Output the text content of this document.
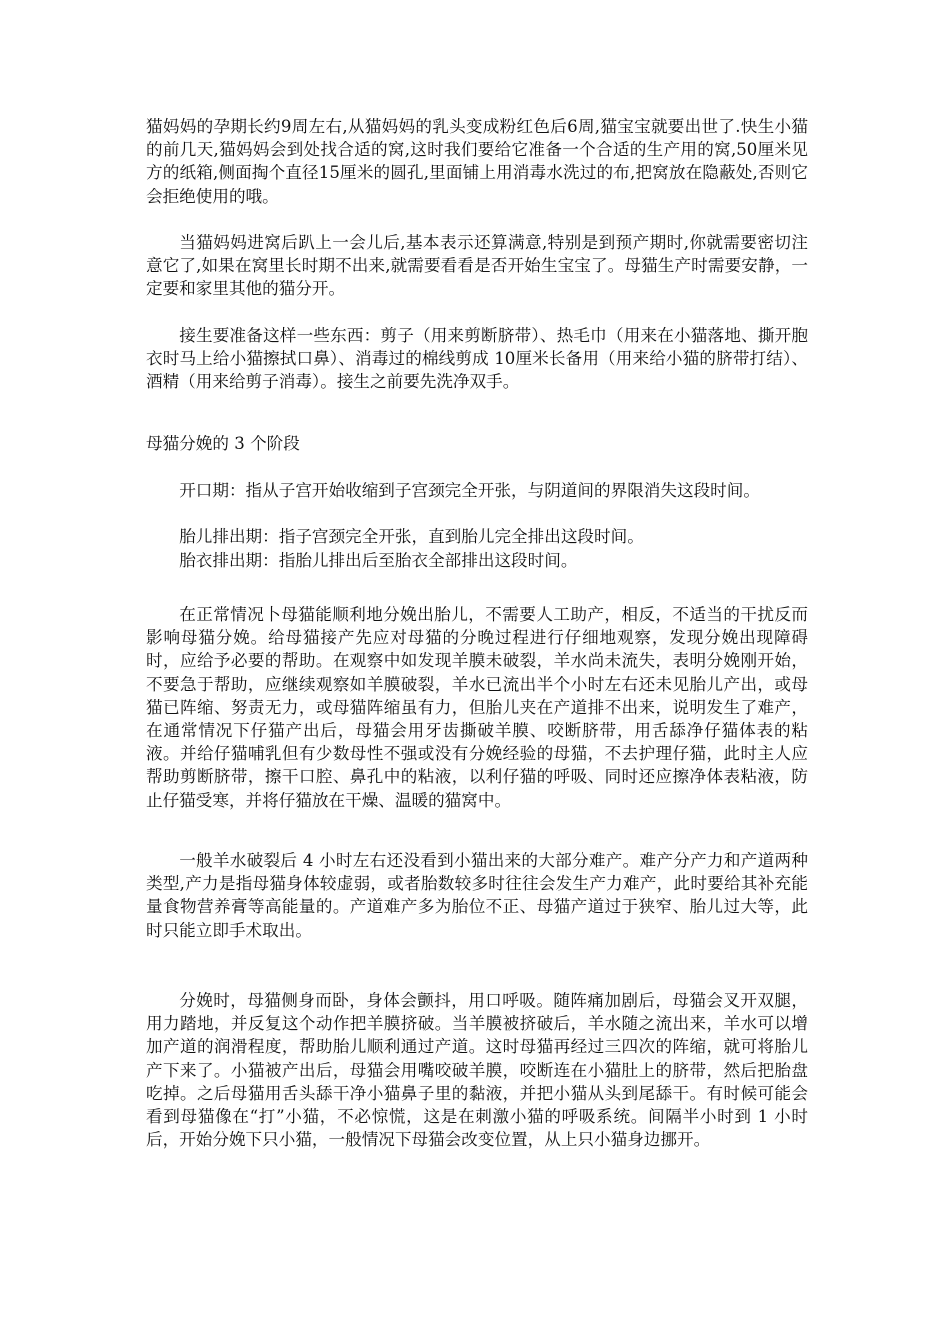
猫妈妈的孕期长约9周左右,从猫妈妈的乳头变成粉红色后6周,猫宝宝就要出世了.快生小猫的前几天,猫妈妈会到处找合适的窝,这时我们要给它准备一个合适的生产用的窝,50厘米见方的纸箱,侧面掏个直径15厘米的圆孔,里面铺上用消毒水洗过的布,把窝放在隐蔽处,否则它会拒绝使用的哦。

当猫妈妈进窝后趴上一会儿后,基本表示还算满意,特别是到预产期时,你就需要密切注意它了,如果在窝里长时期不出来,就需要看看是否开始生宝宝了。母猫生产时需要安静，一定要和家里其他的猫分开。

接生要准备这样一些东西：剪子（用来剪断脐带）、热毛巾（用来在小猫落地、撕开胞衣时马上给小猫擦拭口鼻）、消毒过的棉线剪成 10厘米长备用（用来给小猫的脐带打结）、酒精（用来给剪子消毒）。接生之前要先洗净双手。

母猫分娩的 3 个阶段

开口期：指从子宫开始收缩到子宫颈完全开张，与阴道间的界限消失这段时间。

胎儿排出期：指子宫颈完全开张，直到胎儿完全排出这段时间。

胎衣排出期：指胎儿排出后至胎衣全部排出这段时间。

在正常情况卜母猫能顺利地分娩出胎儿，不需要人工助产，相反，不适当的干扰反而影响母猫分娩。给母猫接产先应对母猫的分晚过程进行仔细地观察，发现分娩出现障碍时，应给予必要的帮助。在观察中如发现羊膜未破裂，羊水尚未流失，表明分娩刚开始，不要急于帮助，应继续观察如羊膜破裂，羊水已流出半个小时左右还未见胎儿产出，或母猫已阵缩、努责无力，或母猫阵缩虽有力，但胎儿夹在产道排不出来，说明发生了难产，在通常情况下仔猫产出后，母猫会用牙齿撕破羊膜、咬断脐带，用舌舔净仔猫体表的粘液。并给仔猫哺乳但有少数母性不强或没有分娩经验的母猫，不去护理仔猫，此时主人应帮助剪断脐带，擦干口腔、鼻孔中的粘液，以利仔猫的呼吸、同时还应擦净体表粘液，防止仔猫受寒，并将仔猫放在干燥、温暖的猫窝中。

一般羊水破裂后 4 小时左右还没看到小猫出来的大部分难产。难产分产力和产道两种类型,产力是指母猫身体较虚弱，或者胎数较多时往往会发生产力难产，此时要给其补充能量食物营养膏等高能量的。产道难产多为胎位不正、母猫产道过于狭窄、胎儿过大等，此时只能立即手术取出。

分娩时，母猫侧身而卧，身体会颤抖，用口呼吸。随阵痛加剧后，母猫会叉开双腿，用力踏地，并反复这个动作把羊膜挤破。当羊膜被挤破后，羊水随之流出来，羊水可以增加产道的润滑程度，帮助胎儿顺利通过产道。这时母猫再经过三四次的阵缩，就可将胎儿产下来了。小猫被产出后，母猫会用嘴咬破羊膜，咬断连在小猫肚上的脐带，然后把胎盘吃掉。之后母猫用舌头舔干净小猫鼻子里的黏液，并把小猫从头到尾舔干。有时候可能会看到母猫像在“打”小猫，不必惊慌，这是在刺激小猫的呼吸系统。间隔半小时到 1 小时后，开始分娩下只小猫，一般情况下母猫会改变位置，从上只小猫身边挪开。
